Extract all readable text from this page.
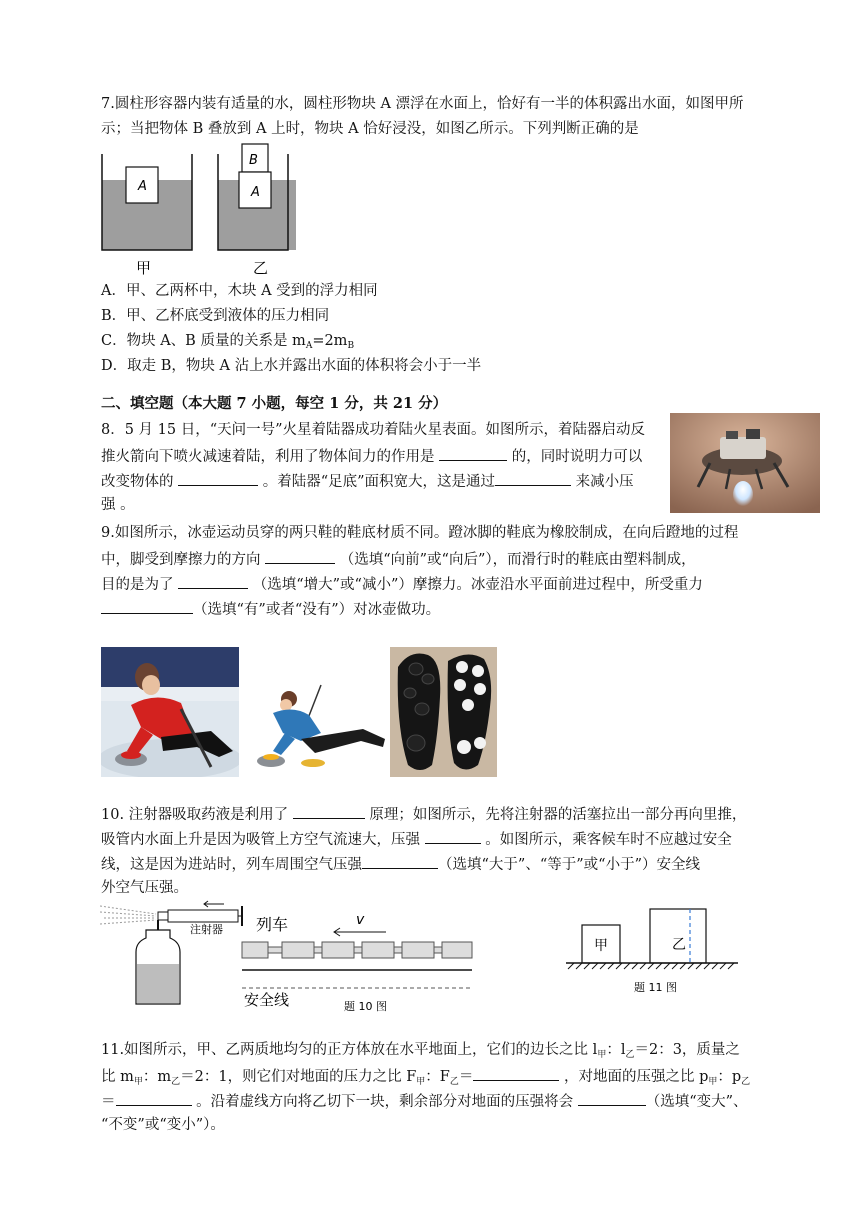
7.圆柱形容器内装有适量的水，圆柱形物块 A 漂浮在水面上，恰好有一半的体积露出水面，如图甲所
示；当把物体 B 叠放到 A 上时，物块 A 恰好浸没，如图乙所示。下列判断正确的是
A
甲
B
A
乙
A．甲、乙两杯中，木块 A 受到的浮力相同
B．甲、乙杯底受到液体的压力相同
C．物块 A、B 质量的关系是 $m_A=2m_B$
D．取走 B，物块 A 沾上水并露出水面的体积将会小于一半
二、填空题（本大题 7 小题，每空 1 分，共 21 分）
8．5 月 15 日，“天问一号”火星着陆器成功着陆火星表面。如图所示，着陆器启动反
推火箭向下喷火减速着陆，利用了物体间力的作用是	的，同时说明力可以
改变物体的	。着陆器“足底”面积宽大，这是通过	来减小压
强 。
9.如图所示，冰壶运动员穿的两只鞋的鞋底材质不同。蹬冰脚的鞋底为橡胶制成，在向后蹬地的过程
中，脚受到摩擦力的方向	（选填“向前”或“向后”），而滑行时的鞋底由塑料制成，
目的是为了	（选填“增大”或“减小”）摩擦力。冰壶沿水平面前进过程中，所受重力
（选填“有”或者“没有”）对冰壶做功。
10. 注射器吸取药液是利用了	原理；如图所示，先将注射器的活塞拉出一部分再向里推，
吸管内水面上升是因为吸管上方空气流速大，压强	。如图所示，乘客候车时不应越过安全
线，这是因为进站时，列车周围空气压强	（选填“大于”、“等于”或“小于”）安全线
外空气压强。
注射器 列车	v
安全线	题 10 图
甲	乙
题 11 图
11.如图所示，甲、乙两质地均匀的正方体放在水平地面上，它们的边长之比 $l_甲$：$l_乙=2$：3，质量之
比 $m_甲$：$m_乙=2$：1，则它们对地面的压力之比 $F_甲$：$F_乙=$	，对地面的压强之比 $p_甲$：$p_乙$
＝	。沿着虚线方向将乙切下一块，剩余部分对地面的压强将会	（选填“变大”、
“不变”或“变小”）。
